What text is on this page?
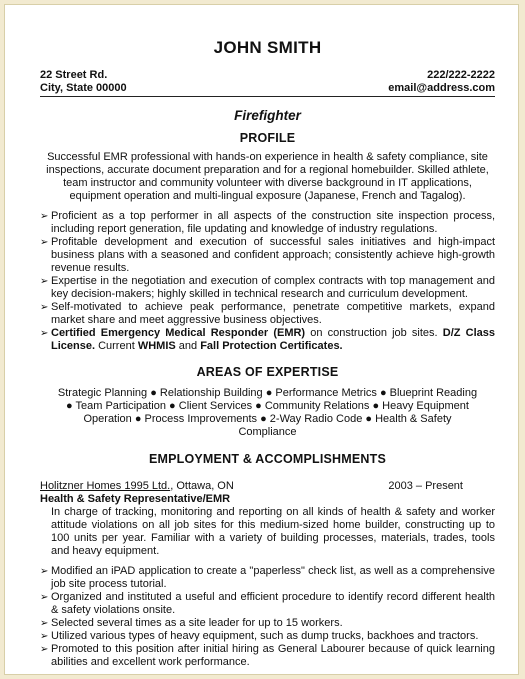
JOHN SMITH
22 Street Rd.
City, State 00000
222/222-2222
email@address.com
Firefighter
PROFILE

Successful EMR professional with hands-on experience in health & safety compliance, site inspections, accurate document preparation and for a regional homebuilder. Skilled athlete, team instructor and community volunteer with diverse background in IT applications, equipment operation and multi-lingual exposure (Japanese, French and Tagalog).

➢ Proficient as a top performer in all aspects of the construction site inspection process, including report generation, file updating and knowledge of industry regulations.
➢ Profitable development and execution of successful sales initiatives and high-impact business plans with a seasoned and confident approach; consistently achieve high-growth revenue results.
➢ Expertise in the negotiation and execution of complex contracts with top management and key decision-makers; highly skilled in technical research and curriculum development.
➢ Self-motivated to achieve peak performance, penetrate competitive markets, expand market share and meet aggressive business objectives.
➢ Certified Emergency Medical Responder (EMR) on construction job sites. D/Z Class License. Current WHMIS and Fall Protection Certificates.
AREAS OF EXPERTISE
Strategic Planning ● Relationship Building ● Performance Metrics ● Blueprint Reading ● Team Participation ● Client Services ● Community Relations ● Heavy Equipment Operation ● Process Improvements ● 2-Way Radio Code ● Health & Safety Compliance
EMPLOYMENT & ACCOMPLISHMENTS
Holitzner Homes 1995 Ltd., Ottawa, ON	2003 – Present
Health & Safety Representative/EMR

In charge of tracking, monitoring and reporting on all kinds of health & safety and worker attitude violations on all job sites for this medium-sized home builder, constructing up to 100 units per year. Familiar with a variety of building processes, materials, trades, tools and heavy equipment.

➢ Modified an iPAD application to create a "paperless" check list, as well as a comprehensive job site process tutorial.
➢ Organized and instituted a useful and efficient procedure to identify record different health & safety violations onsite.
➢ Selected several times as a site leader for up to 15 workers.
➢ Utilized various types of heavy equipment, such as dump trucks, backhoes and tractors.
➢ Promoted to this position after initial hiring as General Labourer because of quick learning abilities and excellent work performance.
